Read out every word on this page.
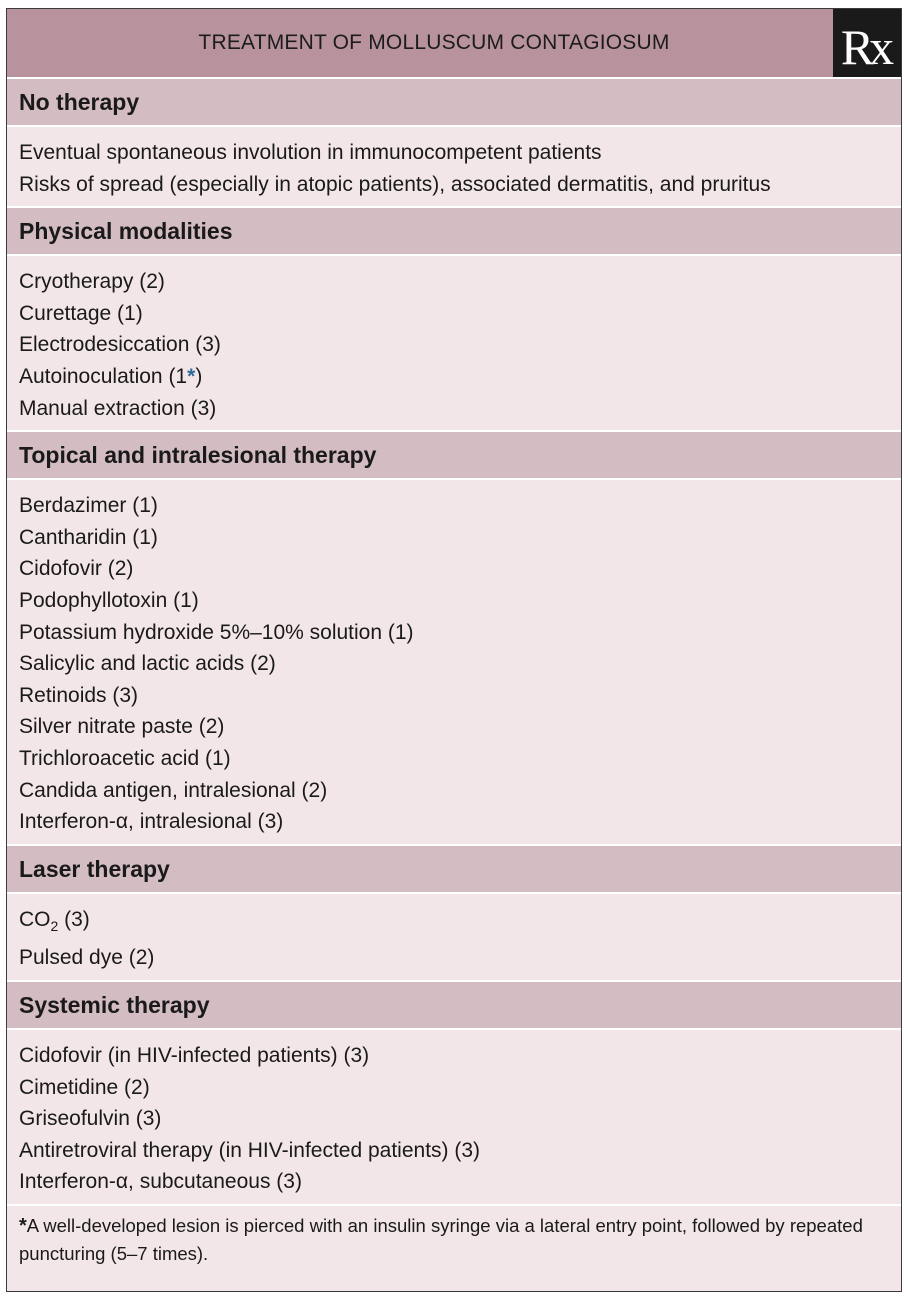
TREATMENT OF MOLLUSCUM CONTAGIOSUM	Rx
No therapy
Eventual spontaneous involution in immunocompetent patients
Risks of spread (especially in atopic patients), associated dermatitis, and pruritus
Physical modalities
Cryotherapy (2)
Curettage (1)
Electrodesiccation (3)
Autoinoculation (1*)
Manual extraction (3)
Topical and intralesional therapy
Berdazimer (1)
Cantharidin (1)
Cidofovir (2)
Podophyllotoxin (1)
Potassium hydroxide 5%–10% solution (1)
Salicylic and lactic acids (2)
Retinoids (3)
Silver nitrate paste (2)
Trichloroacetic acid (1)
Candida antigen, intralesional (2)
Interferon-α, intralesional (3)
Laser therapy
$CO_2$ (3)
Pulsed dye (2)
Systemic therapy
Cidofovir (in HIV-infected patients) (3)
Cimetidine (2)
Griseofulvin (3)
Antiretroviral therapy (in HIV-infected patients) (3)
Interferon-α, subcutaneous (3)
*A well-developed lesion is pierced with an insulin syringe via a lateral entry point, followed by repeated puncturing (5–7 times).
